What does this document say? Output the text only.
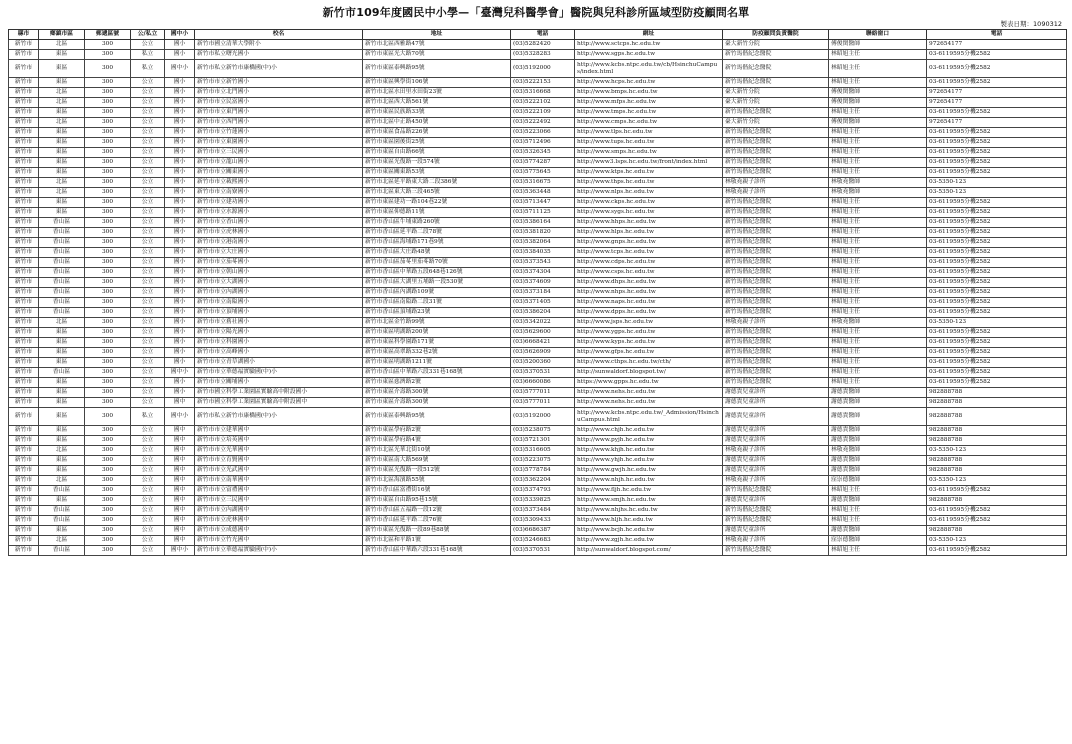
新竹市109年度國民中小學—「臺灣兒科醫學會」醫院與兒科診所區域型防疫顧問名單
製表日期：1090312
縣市	鄉鎮市區	郵遞區號	公/私立	國中小	校名	地址	電話	網址	防疫顧問負責醫院	聯絡窗口	電話
新竹市	北區	300	公立	國小	新竹市國立清華大學附小	新竹市北區西雅路47號	(03)5282420	http://www.sctcps.hc.edu.tw	臺大新竹分院	傅俊閔醫師	972654177
新竹市	東區	300	私立	國小	新竹市私立曙光國小	新竹市東區光大路70號	(03)5328283	http://www.sgps.hc.edu.tw	新竹馬偕紀念醫院	林昭旭主任	03-6119595分機2582
新竹市	東區	300	私立	國中小	新竹市私立新竹市康橋國(中)小	新竹市東區泰興路95號	(03)5192000	http://www.kcbs.ntpc.edu.tw/cb/HsinchuCampus/index.html	新竹馬偕紀念醫院	林昭旭主任	03-6119595分機2582
新竹市	東區	300	公立	國小	新竹市市立新竹國小	新竹市東區興學街106號	(03)5222153	http://www.hcps.hc.edu.tw	新竹馬偕紀念醫院	林昭旭主任	03-6119595分機2582
新竹市	北區	300	公立	國小	新竹市市立北門國小	新竹市北區水田里水田街23號	(03)5316668	http://www.bmps.hc.edu.tw	臺大新竹分院	傅俊閔醫師	972654177
新竹市	北區	300	公立	國小	新竹市市立民富國小	新竹市北區西大路561號	(03)5222102	http://www.mfps.hc.edu.tw	臺大新竹分院	傅俊閔醫師	972654177
新竹市	東區	300	公立	國小	新竹市市立東門國小	新竹市東區民族路33號	(03)5222109	http://www.tmps.hc.edu.tw	新竹馬偕紀念醫院	林昭旭主任	03-6119595分機2582
新竹市	北區	300	公立	國小	新竹市市立西門國小	新竹市北區中正路450號	(03)5222492	http://www.cmps.hc.edu.tw	臺大新竹分院	傅俊閔醫師	972654177
新竹市	東區	300	公立	國小	新竹市市立竹蓮國小	新竹市東區食品路226號	(03)5223066	http://www.tlps.hc.edu.tw	新竹馬偕紀念醫院	林昭旭主任	03-6119595分機2582
新竹市	東區	300	公立	國小	新竹市市立東園國小	新竹市東區園後街25號	(03)5712496	http://www.tups.hc.edu.tw	新竹馬偕紀念醫院	林昭旭主任	03-6119595分機2582
新竹市	東區	300	公立	國小	新竹市市立三民國小	新竹市東區自由路66號	(03)5326345	http://www.smps.hc.edu.tw	新竹馬偕紀念醫院	林昭旭主任	03-6119595分機2582
新竹市	東區	300	公立	國小	新竹市市立龍山國小	新竹市東區光復路一段574號	(03)5774287	http://www3.lsps.hc.edu.tw/front/index.html	新竹馬偕紀念醫院	林昭旭主任	03-6119595分機2582
新竹市	東區	300	公立	國小	新竹市市立關東國小	新竹市東區關東路53號	(03)5775645	http://www.ktps.hc.edu.tw	新竹馬偕紀念醫院	林昭旭主任	03-6119595分機2582
新竹市	北區	300	公立	國小	新竹市市立載熙國小	新竹市北區延平路東大路二段386號	(03)5316675	http://www.thps.hc.edu.tw	林敬堯親子診所	林敬堯醫師	03-5350-123
新竹市	北區	300	公立	國小	新竹市市立南寮國小	新竹市北區東大路三段465號	(03)5363448	http://www.nlps.hc.edu.tw	林敬堯親子診所	林敬堯醫師	03-5350-123
新竹市	東區	300	公立	國小	新竹市市立建功國小	新竹市東區建功一路104巷22號	(03)5713447	http://www.ckps.hc.edu.tw	新竹馬偕紀念醫院	林昭旭主任	03-6119595分機2582
新竹市	東區	300	公立	國小	新竹市市立水源國小	新竹市東區仰德路11號	(03)5711125	http://www.sygs.hc.edu.tw	新竹馬偕紀念醫院	林昭旭主任	03-6119595分機2582
新竹市	香山區	300	公立	國小	新竹市市立香山國小	新竹市香山區牛埔東路260號	(03)5386164	http://www.hhps.hc.edu.tw	新竹馬偕紀念醫院	林昭旭主任	03-6119595分機2582
新竹市	香山區	300	公立	國小	新竹市市立虎林國小	新竹市香山區延平路二段78號	(03)5381820	http://www.hlps.hc.edu.tw	新竹馬偕紀念醫院	林昭旭主任	03-6119595分機2582
新竹市	香山區	300	公立	國小	新竹市市立港南國小	新竹市香山區海埔路171巷9號	(03)5382064	http://www.gnps.hc.edu.tw	新竹馬偕紀念醫院	林昭旭主任	03-6119595分機2582
新竹市	香山區	300	公立	國小	新竹市市立大庄國小	新竹市香山區大庄路48號	(03)5384035	http://www.tcps.hc.edu.tw	新竹馬偕紀念醫院	林昭旭主任	03-6119595分機2582
新竹市	香山區	300	公立	國小	新竹市市立茄苳國小	新竹市香山區茄苳里茄苳路70號	(03)5373543	http://www.cdps.hc.edu.tw	新竹馬偕紀念醫院	林昭旭主任	03-6119595分機2582
新竹市	香山區	300	公立	國小	新竹市市立朝山國小	新竹市香山區中華路五段648巷126號	(03)5374304	http://www.csps.hc.edu.tw	新竹馬偕紀念醫院	林昭旭主任	03-6119595分機2582
新竹市	香山區	300	公立	國小	新竹市市立大湖國小	新竹市香山區大湖里五埔路一段530號	(03)5374609	http://www.dhps.hc.edu.tw	新竹馬偕紀念醫院	林昭旭主任	03-6119595分機2582
新竹市	香山區	300	公立	國小	新竹市市立內湖國小	新竹市香山區內湖路109號	(03)5373184	http://www.nhps.hc.edu.tw	新竹馬偕紀念醫院	林昭旭主任	03-6119595分機2582
新竹市	香山區	300	公立	國小	新竹市市立南隘國小	新竹市香山區南隘路二段31號	(03)5371405	http://www.naps.hc.edu.tw	新竹馬偕紀念醫院	林昭旭主任	03-6119595分機2582
新竹市	香山區	300	公立	國小	新竹市市立頂埔國小	新竹市香山區頂埔路23號	(03)5386204	http://www.dpps.hc.edu.tw	新竹馬偕紀念醫院	林昭旭主任	03-6119595分機2582
新竹市	北區	300	公立	國小	新竹市市立舊社國小	新竹市北區金竹路99號	(03)5342022	http://www.jsps.hc.edu.tw	林敬堯親子診所	林敬堯醫師	03-5350-123
新竹市	東區	300	公立	國小	新竹市市立陽光國小	新竹市東區明湖路200號	(03)5629600	http://www.ygps.hc.edu.tw	新竹馬偕紀念醫院	林昭旭主任	03-6119595分機2582
新竹市	東區	300	公立	國小	新竹市市立科園國小	新竹市東區科學園路171號	(03)6668421	http://www.kyps.hc.edu.tw	新竹馬偕紀念醫院	林昭旭主任	03-6119595分機2582
新竹市	東區	300	公立	國小	新竹市市立高峰國小	新竹市東區高翠路332巷2號	(03)5626909	http://www.gfps.hc.edu.tw	新竹馬偕紀念醫院	林昭旭主任	03-6119595分機2582
新竹市	東區	300	公立	國小	新竹市市立青草湖國小	新竹市東區明湖路1211號	(03)5200360	http://www.cthps.hc.edu.tw/cth/	新竹馬偕紀念醫院	林昭旭主任	03-6119595分機2582
新竹市	香山區	300	公立	國中小	新竹市市立華德福實驗國(中)小	新竹市香山區中華路六段331巷168號	(03)5370531	http://sunwaldorf.blogspot.tw/	新竹馬偕紀念醫院	林昭旭主任	03-6119595分機2582
新竹市	東區	300	公立	國小	新竹市市立關埔國小	新竹市東區慈濟路2號	(03)6660086	https://www.gpps.hc.edu.tw	新竹馬偕紀念醫院	林昭旭主任	03-6119595分機2582
新竹市	東區	300	公立	國小	新竹市國立科學工業園區實驗高中附設國小	新竹市東區介壽路300號	(03)5777011	http://www.nehs.hc.edu.tw	謝德貴兒童診所	謝德貴醫師	982888788
新竹市	東區	300	公立	國中	新竹市國立科學工業園區實驗高中附設國中	新竹市東區介壽路300號	(03)5777011	http://www.nehs.hc.edu.tw	謝德貴兒童診所	謝德貴醫師	982888788
新竹市	東區	300	私立	國中小	新竹市私立新竹市康橋國(中)小	新竹市東區泰興路95號	(03)5192000	http://www.kcbs.ntpc.edu.tw/_Admission/HsinchuCampus.html	謝德貴兒童診所	謝德貴醫師	982888788
新竹市	東區	300	公立	國中	新竹市市立建華國中	新竹市東區學府路2號	(03)5238075	http://www.chjh.hc.edu.tw	謝德貴兒童診所	謝德貴醫師	982888788
新竹市	東區	300	公立	國中	新竹市市立培英國中	新竹市東區學府路4號	(03)5721301	http://www.pyjh.hc.edu.tw	謝德貴兒童診所	謝德貴醫師	982888788
新竹市	北區	300	公立	國中	新竹市市立光華國中	新竹市北區光華北街10號	(03)5316605	http://www.khjh.hc.edu.tw	林敬堯親子診所	林敬堯醫師	03-5350-123
新竹市	東區	300	公立	國中	新竹市市立育賢國中	新竹市東區南大路569號	(03)5223075	http://www.yhjh.hc.edu.tw	謝德貴兒童診所	謝德貴醫師	982888788
新竹市	東區	300	公立	國中	新竹市市立光武國中	新竹市東區光復路一段512號	(03)5778784	http://www.gwjh.hc.edu.tw	謝德貴兒童診所	謝德貴醫師	982888788
新竹市	北區	300	公立	國中	新竹市市立南華國中	新竹市北區海濱路55號	(03)5362204	http://www.nhjh.hc.edu.tw	林敬堯親子診所	窪崇德醫師	03-5350-123
新竹市	香山區	300	公立	國中	新竹市市立富禮國中	新竹市香山區富禮街16號	(03)5374793	http://www.fljh.hc.edu.tw	新竹馬偕紀念醫院	林昭旭主任	03-6119595分機2582
新竹市	東區	300	公立	國中	新竹市市立三民國中	新竹市東區自由路95巷15號	(03)5339825	http://www.smjh.hc.edu.tw	謝德貴兒童診所	謝德貴醫師	982888788
新竹市	香山區	300	公立	國中	新竹市市立內湖國中	新竹市香山區五福路一段12號	(03)5373484	http://www.nhjhs.hc.edu.tw	新竹馬偕紀念醫院	林昭旭主任	03-6119595分機2582
新竹市	香山區	300	公立	國中	新竹市市立虎林國中	新竹市香山區延平路二段76號	(03)5309433	http://www.hljh.hc.edu.tw	新竹馬偕紀念醫院	林昭旭主任	03-6119595分機2582
新竹市	東區	300	公立	國中	新竹市市立成德國中	新竹市東區光復路一段89巷88號	(03)6686387	http://www.bcjh.hc.edu.tw	謝德貴兒童診所	謝德貴醫師	982888788
新竹市	北區	300	公立	國中	新竹市市立竹光國中	新竹市北區和平路1號	(03)5246683	http://www.zgjh.hc.edu.tw	林敬堯親子診所	窪崇德醫師	03-5350-123
新竹市	香山區	300	公立	國中小	新竹市市立華德福實驗國(中)小	新竹市香山區中華路六段331巷168號	(03)5370531	http://sunwaldorf.blogspot.com/	新竹馬偕紀念醫院	林昭旭主任	03-6119595分機2582
